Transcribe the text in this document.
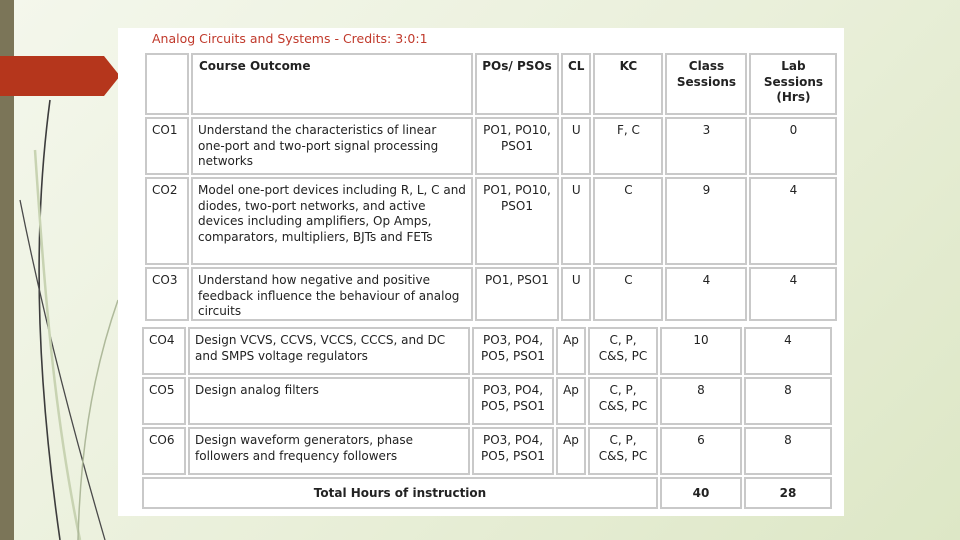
Analog Circuits and Systems - Credits: 3:0:1
	Course Outcome	POs/ PSOs	CL	KC	Class Sessions	Lab Sessions (Hrs)
CO1	Understand the characteristics of linear one-port and two-port signal processing networks	PO1, PO10, PSO1	U	F, C	3	0
CO2	Model one-port devices including R, L, C and diodes, two-port networks, and active devices including amplifiers, Op Amps, comparators, multipliers, BJTs and FETs	PO1, PO10, PSO1	U	C	9	4
CO3	Understand how negative and positive feedback influence the behaviour of analog circuits	PO1, PSO1	U	C	4	4
CO4	Design VCVS, CCVS, VCCS, CCCS, and DC and SMPS voltage regulators	PO3, PO4, PO5, PSO1	Ap	C, P, C&S, PC	10	4
CO5	Design analog filters	PO3, PO4, PO5, PSO1	Ap	C, P, C&S, PC	8	8
CO6	Design waveform generators, phase followers and frequency followers	PO3, PO4, PO5, PSO1	Ap	C, P, C&S, PC	6	8
Total Hours of instruction					40	28
